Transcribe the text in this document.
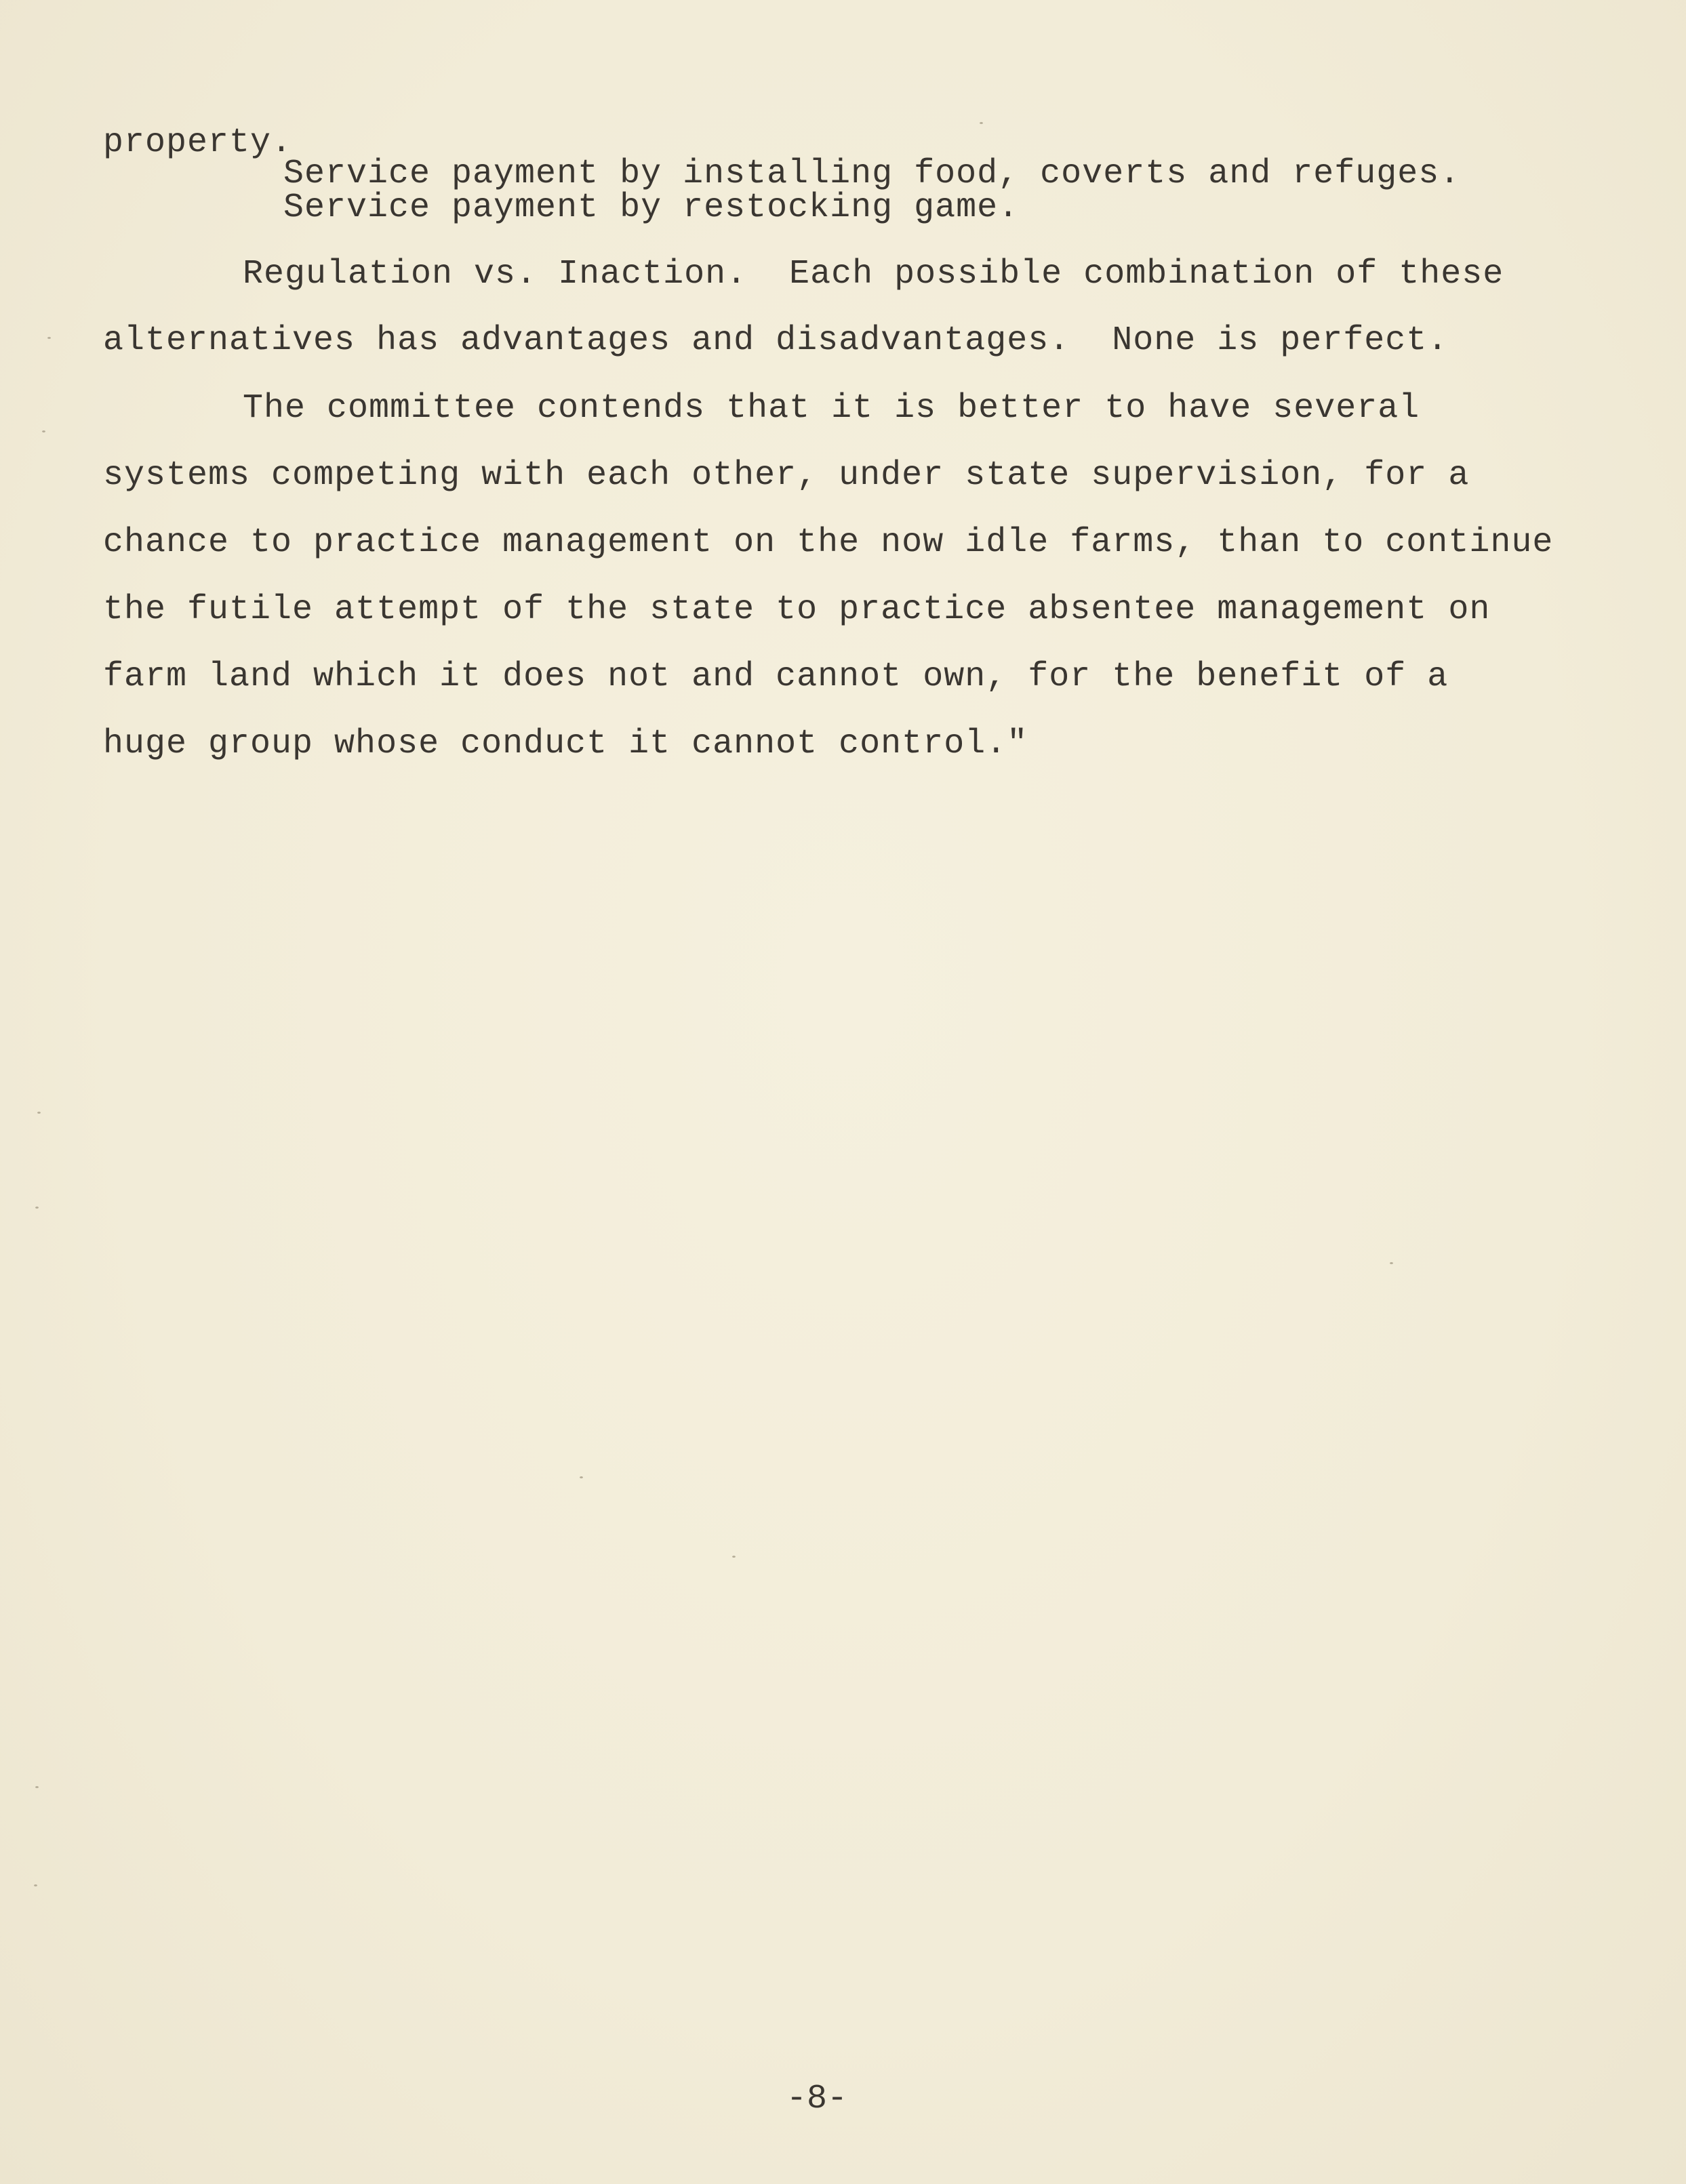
property.
Service payment by installing food, coverts and refuges.
Service payment by restocking game.
Regulation vs. Inaction.  Each possible combination of these
alternatives has advantages and disadvantages.  None is perfect.
The committee contends that it is better to have several
systems competing with each other, under state supervision, for a
chance to practice management on the now idle farms, than to continue
the futile attempt of the state to practice absentee management on
farm land which it does not and cannot own, for the benefit of a
huge group whose conduct it cannot control."
-8-
